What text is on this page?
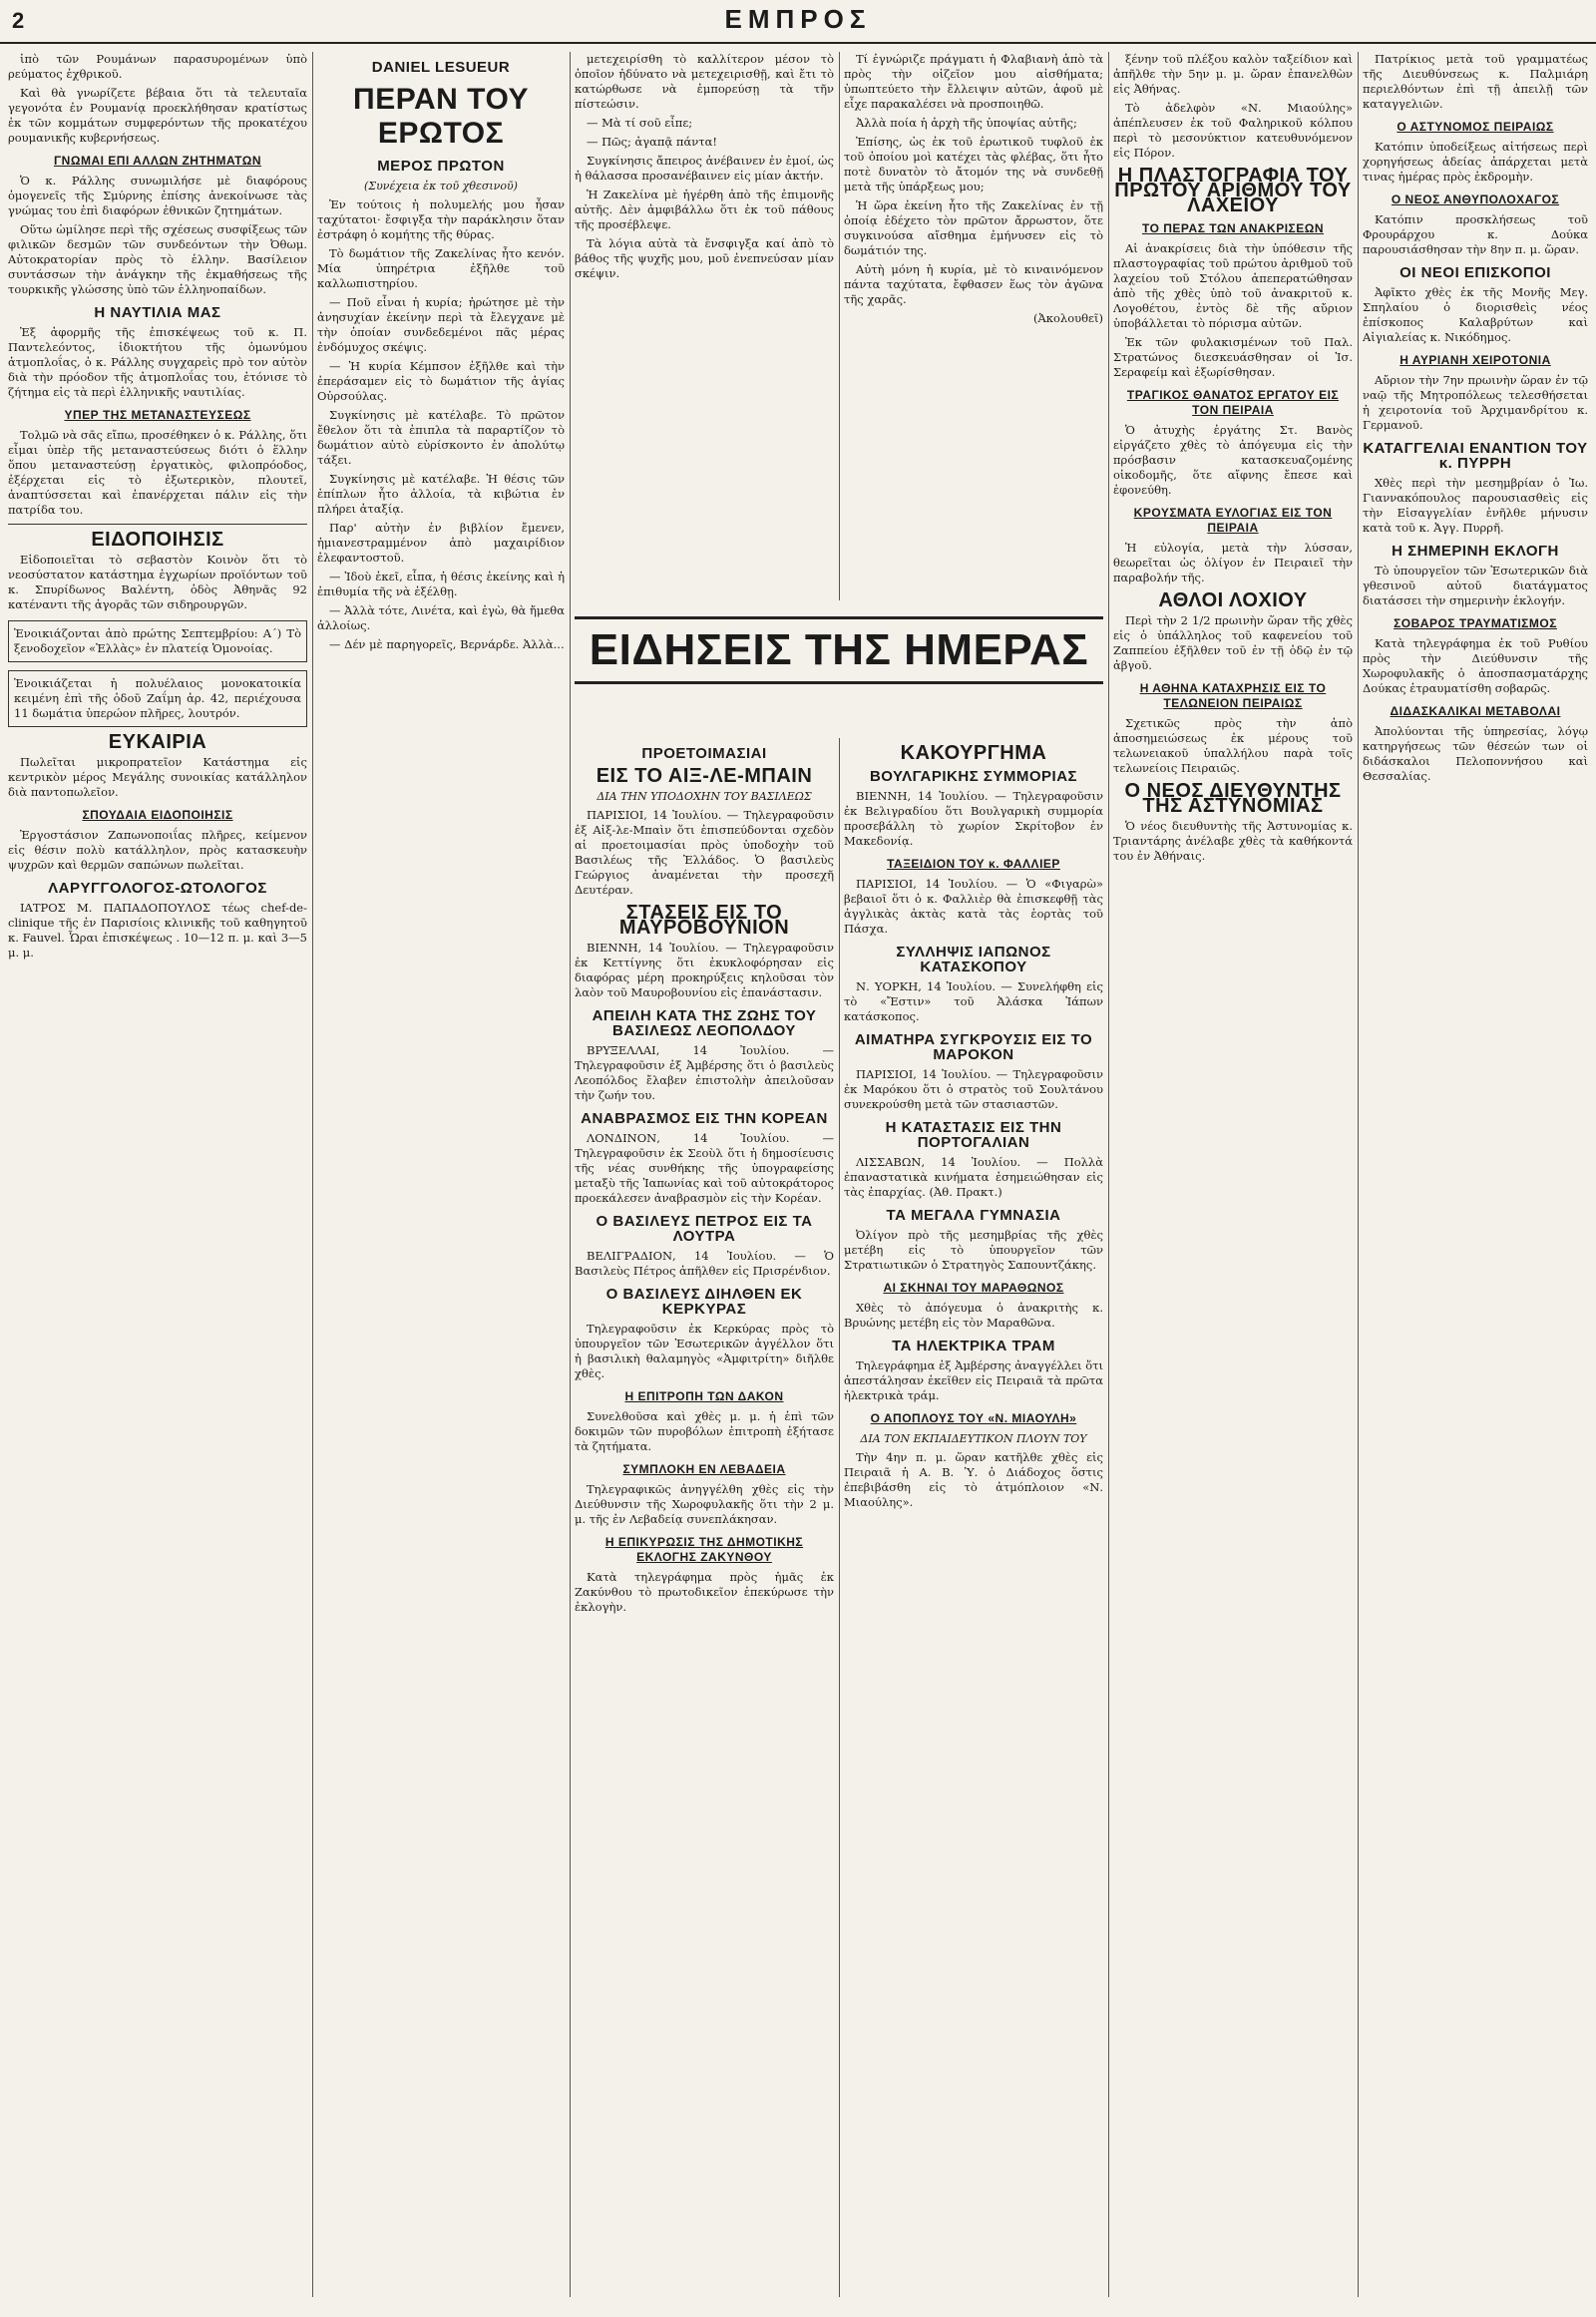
2	ΕΜΠΡΟΣ

ἰπὸ τῶν Ρουμάνων παρασυρομένων ὑπὸ ρεύματος ἐχθρικοῦ.

Καὶ θὰ γνωρίζετε βέβαια ὅτι τὰ τελευταῖα γεγονότα ἐν Ρουμανίᾳ προεκλήθησαν κρατίστως ἐκ τῶν κομμάτων συμφερόντων τῆς προκατέχου ρουμανικῆς κυβερνήσεως.

ΓΝΩΜΑΙ ΕΠΙ ΑΛΛΩΝ ΖΗΤΗΜΑΤΩΝ

Ὁ κ. Ράλλης συνωμιλήσε μὲ διαφόρους ὁμογενεῖς τῆς Σμύρνης ἐπίσης ἀνεκοίνωσε τὰς γνώμας του ἐπὶ διαφόρων ἐθνικῶν ζητημάτων.

Οὕτω ὡμίλησε περὶ τῆς σχέσεως συσφίξεως τῶν φιλικῶν δεσμῶν τῶν συνδεόντων τὴν Ὀθωμ. Αὐτοκρατορίαν πρὸς τὸ ἑλλην. Βασίλειον συντάσσων τὴν ἀνάγκην τῆς ἐκμαθήσεως τῆς τουρκικῆς γλώσσης ὑπὸ τῶν ἑλληνοπαίδων.

Η ΝΑΥΤΙΛΙΑ ΜΑΣ

Ἐξ ἀφορμῆς τῆς ἐπισκέψεως τοῦ κ. Π. Παντελεόντος, ἰδιοκτήτου τῆς ὁμωνύμου ἀτμοπλοΐας, ὁ κ. Ράλλης συγχαρεὶς πρὸ τον αὐτὸν διὰ τὴν πρόοδον τῆς ἀτμοπλοΐας του, ἐτόνισε τὸ ζήτημα εἰς τὰ περὶ ἑλληνικῆς ναυτιλίας.

ΥΠΕΡ ΤΗΣ ΜΕΤΑΝΑΣΤΕΥΣΕΩΣ

Τολμῶ νὰ σᾶς εἴπω, προσέθηκεν ὁ κ. Ράλλης, ὅτι εἶμαι ὑπὲρ τῆς μεταναστεύσεως διότι ὁ ἕλλην ὅπου μεταναστεύσῃ ἐργατικὸς, φιλοπρόοδος, ἐξέρχεται εἰς τὸ ἐξωτερικὸν, πλουτεῖ, ἀναπτύσσεται καὶ ἐπανέρχεται πάλιν εἰς τὴν πατρίδα του.

ΕΙΔΟΠΟΙΗΣΙΣ

Εἰδοποιεῖται τὸ σεβαστὸν Κοινὸν ὅτι τὸ νεοσύστατον κατάστημα ἐγχωρίων προϊόντων τοῦ κ. Σπυρίδωνος Βαλέντη, ὁδὸς Ἀθηνᾶς 92 κατέναντι τῆς ἀγορᾶς τῶν σιδηρουργῶν.

Ἐνοικιάζονται ἀπὸ πρώτης Σεπτεμβρίου: Α΄) Τὸ ξενοδοχεῖον «Ἑλλὰς» ἐν πλατείᾳ Ὁμονοίας.
Ἐνοικιάζεται ἡ πολυέλαιος μονοκατοικία κειμένη ἐπὶ τῆς ὁδοῦ Ζαΐμη ἀρ. 42, περιέχουσα 11 δωμάτια ὑπερώον πλῆρες, λουτρόν.
ΕΥΚΑΙΡΙΑ

Πωλεῖται μικροπρατεῖον Κατάστημα εἰς κεντρικὸν μέρος Μεγάλης συνοικίας κατάλληλον διὰ παντοπωλεῖον.

ΣΠΟΥΔΑΙΑ ΕΙΔΟΠΟΙΗΣΙΣ

Ἐργοστάσιον Ζαπωνοποιΐας πλῆρες, κείμενον εἰς θέσιν πολὺ κατάλληλον, πρὸς κατασκευὴν ψυχρῶν καὶ θερμῶν σαπώνων πωλεῖται.

ΛΑΡΥΓΓΟΛΟΓΟΣ-ΩΤΟΛΟΓΟΣ

ΙΑΤΡΟΣ Μ. ΠΑΠΑΔΟΠΟΥΛΟΣ τέως chef-de-clinique τῆς ἐν Παρισίοις κλινικῆς τοῦ καθηγητοῦ κ. Fauvel. Ὧραι ἐπισκέψεως . 10—12 π. μ. καὶ 3—5 μ. μ.

DANIEL LESUEUR
ΠΕΡΑΝ ΤΟΥ ΕΡΩΤΟΣ
ΜΕΡΟΣ ΠΡΩΤΟΝ
(Συνέχεια ἐκ τοῦ χθεσινοῦ)

Ἐν τούτοις ἡ πολυμελής μου ἦσαν ταχύτατοι· ἔσφιγξα τὴν παράκλησιν ὅταν ἐστράφη ὁ κομήτης τῆς θύρας.

Τὸ δωμάτιον τῆς Ζακελίνας ἦτο κενόν. Μία ὑπηρέτρια ἐξῆλθε τοῦ καλλωπιστηρίου.

— Ποῦ εἶναι ἡ κυρία; ἠρώτησε μὲ τὴν ἀνησυχίαν ἐκείνην περὶ τὰ ἔλεγχανε μὲ τὴν ὁποίαν συνδεδεμένοι πᾶς μέρας ἐνδόμυχος σκέψις.

— Ἡ κυρία Κέμπσον ἐξῆλθε καὶ τὴν ἐπεράσαμεν εἰς τὸ δωμάτιον τῆς ἁγίας Οὐρσούλας.

Συγκίνησις μὲ κατέλαβε. Τὸ πρῶτον ἔθελον ὅτι τὰ ἐπιπλα τὰ παραρτίζον τὸ δωμάτιον αὐτὸ εὑρίσκοντο ἐν ἀπολύτῳ τάξει.

Συγκίνησις μὲ κατέλαβε. Ἡ θέσις τῶν ἐπίπλων ἦτο ἀλλοία, τὰ κιβώτια ἐν πλήρει ἀταξίᾳ.

Παρ' αὐτὴν ἐν βιβλίον ἔμενεν, ἡμιανεστραμμένον ἀπὸ μαχαιρίδιον ἐλεφαντοστοῦ.

— Ἰδοὺ ἐκεῖ, εἶπα, ἡ θέσις ἐκείνης καὶ ἡ ἐπιθυμία τῆς νὰ ἐξέλθῃ.

— Ἀλλὰ τότε, Λινέτα, καὶ ἐγὼ, θὰ ἤμεθα ἀλλοίως.

— Δέν μὲ παρηγορεῖς, Βερνάρδε. Ἀλλὰ...

μετεχειρίσθη τὸ καλλίτερον μέσον τὸ ὁποῖον ἠδύνατο νὰ μετεχειρισθῇ, καὶ ἔτι τὸ κατώρθωσε νὰ ἐμπορεύσῃ τὰ τῆν πίστεώσιν.

— Μὰ τί σοῦ εἶπε;

— Πῶς; ἀγαπᾷ πάντα!

Συγκίνησις ἄπειρος ἀνέβαινεν ἐν ἐμοί, ὡς ἡ θάλασσα προσανέβαινεν εἰς μίαν ἀκτήν.

Ἡ Ζακελίνα μὲ ἠγέρθη ἀπὸ τῆς ἐπιμονῆς αὐτῆς. Δὲν ἀμφιβάλλω ὅτι ἐκ τοῦ πάθους τῆς προσέβλεψε.

Τὰ λόγια αὐτὰ τὰ ἔνσφιγξα καί ἀπὸ τὸ βάθος τῆς ψυχῆς μου, μοῦ ἐνεπνεύσαν μίαν σκέψιν.

Τί ἐγνώριζε πράγματι ἡ Φλαβιανὴ ἀπὸ τὰ πρὸς τὴν οἰζεῖον μου αἰσθήματα; ὑπωπτεύετο τὴν ἔλλειψιν αὐτῶν, ἀφοῦ μὲ εἶχε παρακαλέσει νὰ προσποιηθῶ.

Ἀλλὰ ποία ἡ ἀρχὴ τῆς ὑποψίας αὐτῆς;

Ἐπίσης, ὡς ἐκ τοῦ ἐρωτικοῦ τυφλοῦ ἐκ τοῦ ὁποίου μοὶ κατέχει τὰς φλέβας, ὅτι ἦτο ποτὲ δυνατὸν τὸ ἄτομόν της νὰ συνδεθῇ μετὰ τῆς ὑπάρξεως μου;

Ἡ ὥρα ἐκείνη ἦτο τῆς Ζακελίνας ἐν τῇ ὁποίᾳ ἐδέχετο τὸν πρῶτον ἄρρωστον, ὅτε συγκινούσα αἴσθημα ἐμήνυσεν εἰς τὸ δωμάτιόν της.

Αὐτὴ μόνη ἡ κυρία, μὲ τὸ κιναινόμενον πάντα ταχύτατα, ἔφθασεν ἕως τὸν ἀγῶνα τῆς χαρᾶς.

(Ἀκολουθεῖ)

ΕΙΔΗΣΕΙΣ ΤΗΣ ΗΜΕΡΑΣ
ΠΡΟΕΤΟΙΜΑΣΙΑΙ
ΕΙΣ ΤΟ ΑΙΞ-ΛΕ-ΜΠΑΙΝ
ΔΙΑ ΤΗΝ ΥΠΟΔΟΧΗΝ ΤΟΥ ΒΑΣΙΛΕΩΣ

ΠΑΡΙΣΙΟΙ, 14 Ἰουλίου. — Τηλεγραφοῦσιν ἐξ Αἰξ-λε-Μπαὶν ὅτι ἐπισπεύδονται σχεδὸν αἱ προετοιμασίαι πρὸς ὑποδοχὴν τοῦ Βασιλέως τῆς Ἑλλάδος. Ὁ βασιλεὺς Γεώργιος ἀναμένεται τὴν προσεχῆ Δευτέραν.

ΣΤΑΣΕΙΣ ΕΙΣ ΤΟ ΜΑΥΡΟΒΟΥΝΙΟΝ

ΒΙΕΝΝΗ, 14 Ἰουλίου. — Τηλεγραφοῦσιν ἐκ Κεττίγνης ὅτι ἐκυκλοφόρησαν εἰς διαφόρας μέρη προκηρύξεις κηλοῦσαι τὸν λαὸν τοῦ Μαυροβουνίου εἰς ἐπανάστασιν.

ΑΠΕΙΛΗ ΚΑΤΑ ΤΗΣ ΖΩΗΣ ΤΟΥ ΒΑΣΙΛΕΩΣ ΛΕΟΠΟΛΔΟΥ

ΒΡΥΞΕΛΛΑΙ, 14 Ἰουλίου. — Τηλεγραφοῦσιν ἐξ Ἀμβέρσης ὅτι ὁ βασιλεὺς Λεοπόλδος ἔλαβεν ἐπιστολὴν ἀπειλοῦσαν τὴν ζωήν του.

ΑΝΑΒΡΑΣΜΟΣ ΕΙΣ ΤΗΝ ΚΟΡΕΑΝ

ΛΟΝΔΙΝΟΝ, 14 Ἰουλίου. — Τηλεγραφοῦσιν ἐκ Σεοὺλ ὅτι ἡ δημοσίευσις τῆς νέας συνθήκης τῆς ὑπογραφείσης μεταξὺ τῆς Ἰαπωνίας καὶ τοῦ αὐτοκράτορος προεκάλεσεν ἀναβρασμὸν εἰς τὴν Κορέαν.

Ο ΒΑΣΙΛΕΥΣ ΠΕΤΡΟΣ ΕΙΣ ΤΑ ΛΟΥΤΡΑ

ΒΕΛΙΓΡΑΔΙΟΝ, 14 Ἰουλίου. — Ὁ Βασιλεὺς Πέτρος ἀπῆλθεν εἰς Πρισρένδιον.

Ο ΒΑΣΙΛΕΥΣ ΔΙΗΛΘΕΝ ΕΚ ΚΕΡΚΥΡΑΣ

Τηλεγραφοῦσιν ἐκ Κερκύρας πρὸς τὸ ὑπουργεῖον τῶν Ἐσωτερικῶν ἀγγέλλον ὅτι ἡ βασιλικὴ θαλαμηγὸς «Ἀμφιτρίτη» διῆλθε χθὲς.

Η ΕΠΙΤΡΟΠΗ ΤΩΝ ΔΑΚΟΝ

Συνελθοῦσα καὶ χθὲς μ. μ. ἡ ἐπὶ τῶν δοκιμῶν τῶν πυροβόλων ἐπιτροπὴ ἐξήτασε τὰ ζητήματα.

ΣΥΜΠΛΟΚΗ ΕΝ ΛΕΒΑΔΕΙΑ

Τηλεγραφικῶς ἀνηγγέλθη χθὲς εἰς τὴν Διεύθυνσιν τῆς Χωροφυλακῆς ὅτι τὴν 2 μ. μ. τῆς ἐν Λεβαδείᾳ συνεπλάκησαν.

Η ΕΠΙΚΥΡΩΣΙΣ ΤΗΣ ΔΗΜΟΤΙΚΗΣ ΕΚΛΟΓΗΣ ΖΑΚΥΝΘΟΥ

Κατὰ τηλεγράφημα πρὸς ἡμᾶς ἐκ Ζακύνθου τὸ πρωτοδικεῖον ἐπεκύρωσε τὴν ἐκλογὴν.

ΚΑΚΟΥΡΓΗΜΑ
ΒΟΥΛΓΑΡΙΚΗΣ ΣΥΜΜΟΡΙΑΣ

ΒΙΕΝΝΗ, 14 Ἰουλίου. — Τηλεγραφοῦσιν ἐκ Βελιγραδίου ὅτι Βουλγαρικὴ συμμορία προσεβάλλη τὸ χωρίον Σκρίτοβον ἐν Μακεδονίᾳ.

ΤΑΞΕΙΔΙΟΝ ΤΟΥ κ. ΦΑΛΛΙΕΡ

ΠΑΡΙΣΙΟΙ, 14 Ἰουλίου. — Ὁ «Φιγαρὼ» βεβαιοῖ ὅτι ὁ κ. Φαλλιὲρ θὰ ἐπισκεφθῇ τὰς ἀγγλικὰς ἀκτὰς κατὰ τὰς ἑορτὰς τοῦ Πάσχα.

ΣΥΛΛΗΨΙΣ ΙΑΠΩΝΟΣ ΚΑΤΑΣΚΟΠΟΥ

Ν. ΥΟΡΚΗ, 14 Ἰουλίου. — Συνελήφθη εἰς τὸ «Ἔστιν» τοῦ Ἀλάσκα Ἰάπων κατάσκοπος.

ΑΙΜΑΤΗΡΑ ΣΥΓΚΡΟΥΣΙΣ ΕΙΣ ΤΟ ΜΑΡΟΚΟΝ

ΠΑΡΙΣΙΟΙ, 14 Ἰουλίου. — Τηλεγραφοῦσιν ἐκ Μαρόκου ὅτι ὁ στρατὸς τοῦ Σουλτάνου συνεκρούσθη μετὰ τῶν στασιαστῶν.

Η ΚΑΤΑΣΤΑΣΙΣ ΕΙΣ ΤΗΝ ΠΟΡΤΟΓΑΛΙΑΝ

ΛΙΣΣΑΒΩΝ, 14 Ἰουλίου. — Πολλὰ ἐπαναστατικὰ κινήματα ἐσημειώθησαν εἰς τὰς ἐπαρχίας. (Ἀθ. Πρακτ.)

ΤΑ ΜΕΓΑΛΑ ΓΥΜΝΑΣΙΑ

Ὀλίγον πρὸ τῆς μεσημβρίας τῆς χθὲς μετέβη εἰς τὸ ὑπουργεῖον τῶν Στρατιωτικῶν ὁ Στρατηγὸς Σαπουντζάκης.

ΑΙ ΣΚΗΝΑΙ ΤΟΥ ΜΑΡΑΘΩΝΟΣ

Χθὲς τὸ ἀπόγευμα ὁ ἀνακριτὴς κ. Βρυώνης μετέβη εἰς τὸν Μαραθῶνα.

ΤΑ ΗΛΕΚΤΡΙΚΑ ΤΡΑΜ

Τηλεγράφημα ἐξ Ἀμβέρσης ἀναγγέλλει ὅτι ἀπεστάλησαν ἐκεῖθεν εἰς Πειραιᾶ τὰ πρῶτα ἠλεκτρικὰ τράμ.

Ο ΑΠΟΠΛΟΥΣ ΤΟΥ «Ν. ΜΙΑΟΥΛΗ»
ΔΙΑ ΤΟΝ ΕΚΠΑΙΔΕΥΤΙΚΟΝ ΠΛΟΥΝ ΤΟΥ

Τὴν 4ην π. μ. ὥραν κατῆλθε χθὲς εἰς Πειραιᾶ ἡ Α. Β. Ὑ. ὁ Διάδοχος ὅστις ἐπεβιβάσθη εἰς τὸ ἀτμόπλοιον «Ν. Μιαούλης».

ξένην τοῦ πλέξου καλὸν ταξείδιον καὶ ἀπῆλθε τὴν 5ην μ. μ. ὥραν ἐπανελθὼν εἰς Ἀθήνας.

Τὸ ἀδελφὸν «Ν. Μιαούλης» ἀπέπλευσεν ἐκ τοῦ Φαληρικοῦ κόλπου περὶ τὸ μεσονύκτιον κατευθυνόμενον εἰς Πόρον.

Η ΠΛΑΣΤΟΓΡΑΦΙΑ ΤΟΥ ΠΡΩΤΟΥ ΑΡΙΘΜΟΥ ΤΟΥ ΛΑΧΕΙΟΥ
ΤΟ ΠΕΡΑΣ ΤΩΝ ΑΝΑΚΡΙΣΕΩΝ

Αἱ ἀνακρίσεις διὰ τὴν ὑπόθεσιν τῆς πλαστογραφίας τοῦ πρώτου ἀριθμοῦ τοῦ λαχείου τοῦ Στόλου ἀπεπερατώθησαν ἀπὸ τῆς χθὲς ὑπὸ τοῦ ἀνακριτοῦ κ. Λογοθέτου, ἐντὸς δὲ τῆς αὔριον ὑποβάλλεται τὸ πόρισμα αὐτῶν.

Ἐκ τῶν φυλακισμένων τοῦ Παλ. Στρατώνος διεσκευάσθησαν οἱ Ἰσ. Σεραφείμ καὶ ἐξωρίσθησαν.

ΤΡΑΓΙΚΟΣ ΘΑΝΑΤΟΣ ΕΡΓΑΤΟΥ ΕΙΣ ΤΟΝ ΠΕΙΡΑΙΑ

Ὁ ἀτυχὴς ἐργάτης Στ. Βανὸς εἰργάζετο χθὲς τὸ ἀπόγευμα εἰς τὴν πρόσβασιν κατασκευαζομένης οἰκοδομῆς, ὅτε αἴφνης ἔπεσε καὶ ἐφονεύθη.

ΚΡΟΥΣΜΑΤΑ ΕΥΛΟΓΙΑΣ ΕΙΣ ΤΟΝ ΠΕΙΡΑΙΑ

Ἡ εὐλογία, μετὰ τὴν λύσσαν, θεωρεῖται ὡς ὀλίγον ἐν Πειραιεῖ τὴν παραβολήν τῆς.

ΑΘΛΟΙ ΛΟΧΙΟΥ

Περὶ τὴν 2 1/2 πρωινὴν ὥραν τῆς χθὲς εἰς ὁ ὑπάλληλος τοῦ καφενείου τοῦ Ζαππείου ἐξῆλθεν τοῦ ἐν τῇ ὁδῷ ἐν τῷ ἀβγοῦ.

Η ΑΘΗΝΑ ΚΑΤΑΧΡΗΣΙΣ ΕΙΣ ΤΟ ΤΕΛΩΝΕΙΟΝ ΠΕΙΡΑΙΩΣ

Σχετικῶς πρὸς τὴν ἀπὸ ἀποσημειώσεως ἐκ μέρους τοῦ τελωνειακοῦ ὑπαλλήλου παρὰ τοῖς τελωνείοις Πειραιῶς.

Ο ΝΕΟΣ ΔΙΕΥΘΥΝΤΗΣ ΤΗΣ ΑΣΤΥΝΟΜΙΑΣ

Ὁ νέος διευθυντὴς τῆς Ἀστυνομίας κ. Τριαντάρης ἀνέλαβε χθὲς τὰ καθήκοντά του ἐν Ἀθήναις.

Πατρίκιος μετὰ τοῦ γραμματέως τῆς Διευθύνσεως κ. Παλμιάρη περιελθόντων ἐπὶ τῇ ἀπειλῇ τῶν καταγγελιῶν.

Ο ΑΣΤΥΝΟΜΟΣ ΠΕΙΡΑΙΩΣ

Κατόπιν ὑποδείξεως αἰτήσεως περὶ χορηγήσεως ἀδείας ἀπάρχεται μετὰ τινας ἡμέρας πρὸς ἐκδρομὴν.

Ο ΝΕΟΣ ΑΝΘΥΠΟΛΟΧΑΓΟΣ

Κατόπιν προσκλήσεως τοῦ Φρουράρχου κ. Δούκα παρουσιάσθησαν τὴν 8ην π. μ. ὥραν.

ΟΙ ΝΕΟΙ ΕΠΙΣΚΟΠΟΙ

Ἀφῖκτο χθὲς ἐκ τῆς Μονῆς Μεγ. Σπηλαίου ὁ διορισθεὶς νέος ἐπίσκοπος Καλαβρύτων καὶ Αἰγιαλείας κ. Νικόδημος.

Η ΑΥΡΙΑΝΗ ΧΕΙΡΟΤΟΝΙΑ

Αὔριον τὴν 7ην πρωινὴν ὥραν ἐν τῷ ναῷ τῆς Μητροπόλεως τελεσθήσεται ἡ χειροτονία τοῦ Ἀρχιμανδρίτου κ. Γερμανοῦ.

ΚΑΤΑΓΓΕΛΙΑΙ ΕΝΑΝΤΙΟΝ ΤΟΥ κ. ΠΥΡΡΗ

Χθὲς περὶ τὴν μεσημβρίαν ὁ Ἰω. Γιαννακόπουλος παρουσιασθεὶς εἰς τὴν Εἰσαγγελίαν ἐνῆλθε μήνυσιν κατὰ τοῦ κ. Ἀγγ. Πυρρῆ.

Η ΣΗΜΕΡΙΝΗ ΕΚΛΟΓΗ

Τὸ ὑπουργεῖον τῶν Ἐσωτερικῶν διὰ γθεσινοῦ αὐτοῦ διατάγματος διατάσσει τὴν σημερινὴν ἐκλογήν.

ΣΟΒΑΡΟΣ ΤΡΑΥΜΑΤΙΣΜΟΣ

Κατὰ τηλεγράφημα ἐκ τοῦ Ρυθίου πρὸς τὴν Διεύθυνσιν τῆς Χωροφυλακῆς ὁ ἀποσπασματάρχης Δούκας ἐτραυματίσθη σοβαρῶς.

ΔΙΔΑΣΚΑΛΙΚΑΙ ΜΕΤΑΒΟΛΑΙ

Ἀπολύονται τῆς ὑπηρεσίας, λόγῳ κατηργήσεως τῶν θέσεών των οἱ διδάσκαλοι Πελοποννήσου καὶ Θεσσαλίας.
